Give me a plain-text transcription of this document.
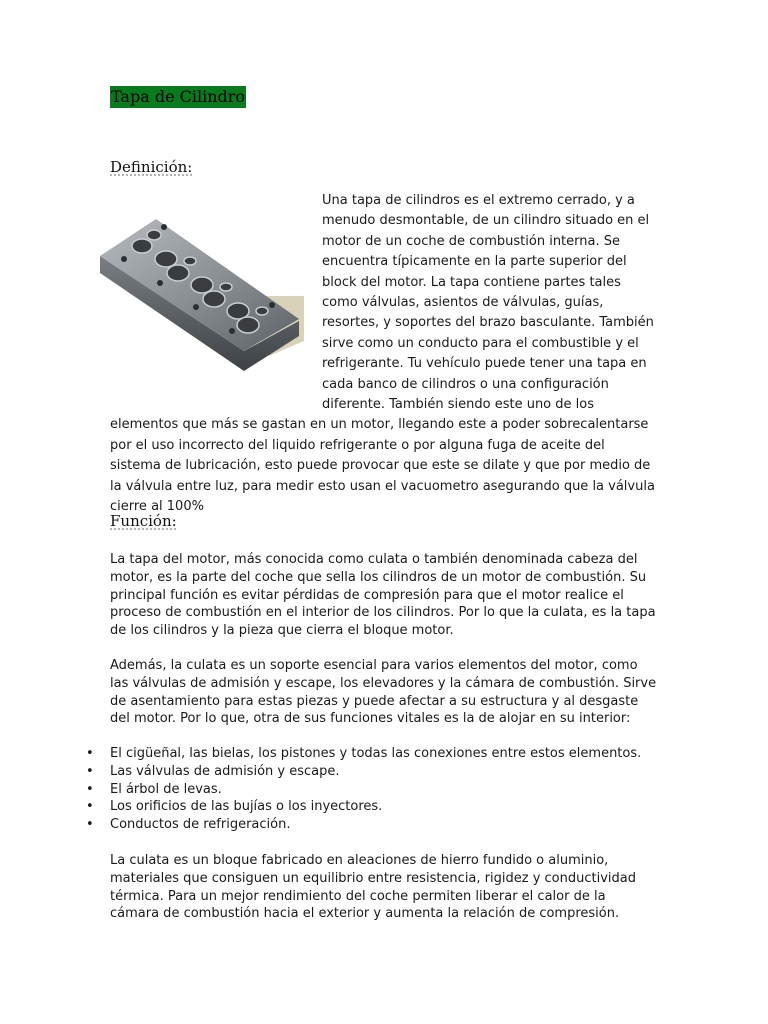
Tapa de Cilindro
Definición:

Una tapa de cilindros es el extremo cerrado, y a menudo desmontable, de un cilindro situado en el motor de un coche de combustión interna. Se encuentra típicamente en la parte superior del block del motor. La tapa contiene partes tales como válvulas, asientos de válvulas, guías, resortes, y soportes del brazo basculante. También sirve como un conducto para el combustible y el refrigerante. Tu vehículo puede tener una tapa en cada banco de cilindros o una configuración diferente. También siendo este uno de los elementos que más se gastan en un motor, llegando este a poder sobrecalentarse por el uso incorrecto del liquido refrigerante o por alguna fuga de aceite del sistema de lubricación, esto puede provocar que este se dilate y que por medio de la válvula entre luz, para medir esto usan el vacuometro asegurando que la válvula cierre al 100%

Función:

La tapa del motor, más conocida como culata o también denominada cabeza del motor, es la parte del coche que sella los cilindros de un motor de combustión. Su principal función es evitar pérdidas de compresión para que el motor realice el proceso de combustión en el interior de los cilindros. Por lo que la culata, es la tapa de los cilindros y la pieza que cierra el bloque motor.

Además, la culata es un soporte esencial para varios elementos del motor, como las válvulas de admisión y escape, los elevadores y la cámara de combustión. Sirve de asentamiento para estas piezas y puede afectar a su estructura y al desgaste del motor. Por lo que, otra de sus funciones vitales es la de alojar en su interior:

• El cigüeñal, las bielas, los pistones y todas las conexiones entre estos elementos.
• Las válvulas de admisión y escape.
• El árbol de levas.
• Los orificios de las bujías o los inyectores.
• Conductos de refrigeración.

La culata es un bloque fabricado en aleaciones de hierro fundido o aluminio, materiales que consiguen un equilibrio entre resistencia, rigidez y conductividad térmica. Para un mejor rendimiento del coche permiten liberar el calor de la cámara de combustión hacia el exterior y aumenta la relación de compresión.
